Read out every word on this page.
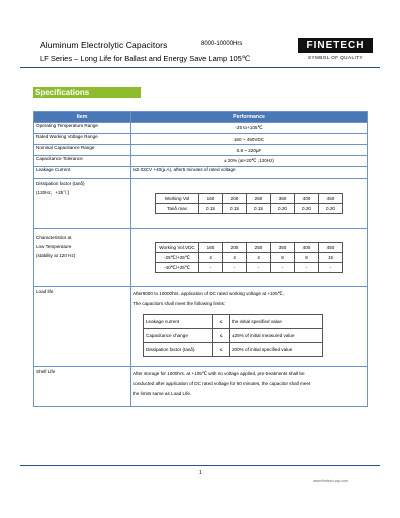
Aluminum Electrolytic Capacitors	8000-10000Hrs
LF Series – Long Life for Ballast and Energy Save Lamp 105℃
FINETECH
SYMBOL OF QUALITY
Specifications
Item	Performance
Operating Temperature Range	-25 to+105℃
Rated Working Voltage Range	160 ~ 450VDC
Nominal Capacitance Range	0.8 ~ 220µF
Capacitance Tolerance	± 20% (at+20℃ ,120Hz)
Leakage Current	I≤0.03CV +40(µ A), after5 minutes of rated voltage

Dissipation factor (tanδ)
(120Hz，+25℃)

Working Vol	160	200	250	350	400	450
Tanδ max	0.15	0.15	0.15	0.20	0.20	0.20

Characteristics at
Low Temperature
(stability at 120 Hz)

Working Vol.VDC	160	200	250	350	400	450
-25℃/+25℃	4	4	4	8	8	15
-40℃/+25℃	-	-	-	-	-	-

Load life	After8000 to 10000hrs. application of DC rated working voltage at +105℃,
The capacitors shall meet the following limits:
Leakage current	≤	the initial specified value
Capacitance change	≤	±25% of initial measured value
Dissipation factor (tanδ)	≤	200% of initial specified value

Shelf Life	After storage for 1000hrs. at +105℃ with no voltage applied, pre-treatments shall be
conducted after application of DC rated voltage for 60 minutes, the capacitor shall meet
the limits same as Load Life.
1
www.finetech-cap.com
